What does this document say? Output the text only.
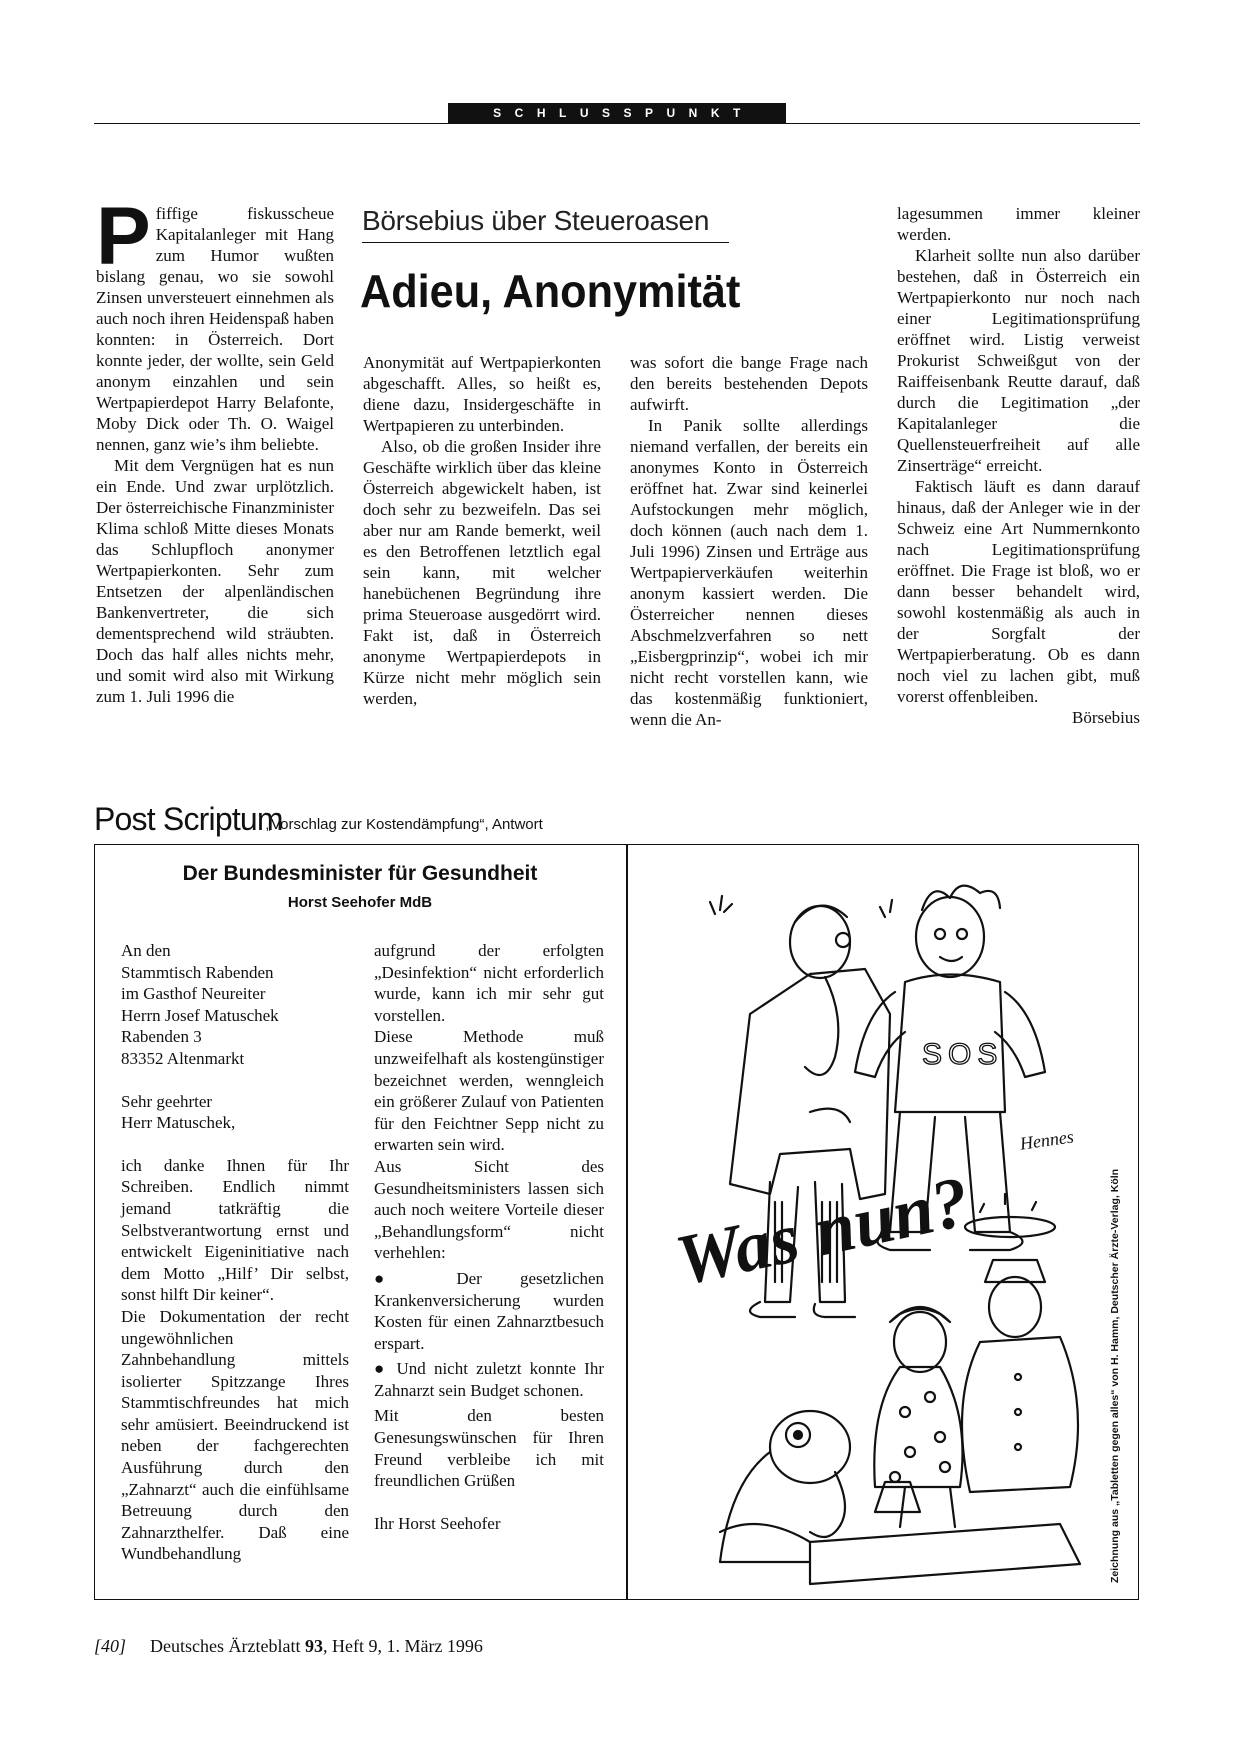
SCHLUSSPUNKT

Pfiffige fiskusscheue Kapitalanleger mit Hang zum Humor wußten bislang genau, wo sie sowohl Zinsen unversteuert einnehmen als auch noch ihren Heidenspaß haben konnten: in Österreich. Dort konnte jeder, der wollte, sein Geld anonym einzahlen und sein Wertpapierdepot Harry Belafonte, Moby Dick oder Th. O. Waigel nennen, ganz wie’s ihm beliebte.

Mit dem Vergnügen hat es nun ein Ende. Und zwar urplötzlich. Der österreichische Finanzminister Klima schloß Mitte dieses Monats das Schlupfloch anonymer Wertpapierkonten. Sehr zum Entsetzen der alpenländischen Bankenvertreter, die sich dementsprechend wild sträubten. Doch das half alles nichts mehr, und somit wird also mit Wirkung zum 1. Juli 1996 die

Börsebius über Steueroasen
Adieu, Anonymität

Anonymität auf Wertpapierkonten abgeschafft. Alles, so heißt es, diene dazu, Insidergeschäfte in Wertpapieren zu unterbinden.

Also, ob die großen Insider ihre Geschäfte wirklich über das kleine Österreich abgewickelt haben, ist doch sehr zu bezweifeln. Das sei aber nur am Rande bemerkt, weil es den Betroffenen letztlich egal sein kann, mit welcher hanebüchenen Begründung ihre prima Steueroase ausgedörrt wird. Fakt ist, daß in Österreich anonyme Wertpapierdepots in Kürze nicht mehr möglich sein werden,

was sofort die bange Frage nach den bereits bestehenden Depots aufwirft.

In Panik sollte allerdings niemand verfallen, der bereits ein anonymes Konto in Österreich eröffnet hat. Zwar sind keinerlei Aufstockungen mehr möglich, doch können (auch nach dem 1. Juli 1996) Zinsen und Erträge aus Wertpapierverkäufen weiterhin anonym kassiert werden. Die Österreicher nennen dieses Abschmelzverfahren so nett „Eisbergprinzip“, wobei ich mir nicht recht vorstellen kann, wie das kostenmäßig funktioniert, wenn die An-

lagesummen immer kleiner werden.

Klarheit sollte nun also darüber bestehen, daß in Österreich ein Wertpapierkonto nur noch nach einer Legitimationsprüfung eröffnet wird. Listig verweist Prokurist Schweißgut von der Raiffeisenbank Reutte darauf, daß durch die Legitimation „der Kapitalanleger die Quellensteuerfreiheit auf alle Zinserträge“ erreicht.

Faktisch läuft es dann darauf hinaus, daß der Anleger wie in der Schweiz eine Art Nummernkonto nach Legitimationsprüfung eröffnet. Die Frage ist bloß, wo er dann besser behandelt wird, sowohl kostenmäßig als auch in der Sorgfalt der Wertpapierberatung. Ob es dann noch viel zu lachen gibt, muß vorerst offenbleiben.
Börsebius

Post Scriptum
„Vorschlag zur Kostendämpfung“, Antwort
Der Bundesminister für Gesundheit
Horst Seehofer MdB

An den

Stammtisch Rabenden

im Gasthof Neureiter

Herrn Josef Matuschek

Rabenden 3

83352 Altenmarkt

Sehr geehrter

Herr Matuschek,

ich danke Ihnen für Ihr Schreiben. Endlich nimmt jemand tatkräftig die Selbstverantwortung ernst und entwickelt Eigeninitiative nach dem Motto „Hilf’ Dir selbst, sonst hilft Dir keiner“.

Die Dokumentation der recht ungewöhnlichen Zahnbehandlung mittels isolierter Spitzzange Ihres Stammtischfreundes hat mich sehr amüsiert. Beeindruckend ist neben der fachgerechten Ausführung durch den „Zahnarzt“ auch die einfühlsame Betreuung durch den Zahnarzthelfer. Daß eine Wundbehandlung

aufgrund der erfolgten „Desinfektion“ nicht erforderlich wurde, kann ich mir sehr gut vorstellen.

Diese Methode muß unzweifelhaft als kostengünstiger bezeichnet werden, wenngleich ein größerer Zulauf von Patienten für den Feichtner Sepp nicht zu erwarten sein wird.

Aus Sicht des Gesundheitsministers lassen sich auch noch weitere Vorteile dieser „Behandlungsform“ nicht verhehlen:

● Der gesetzlichen Krankenversicherung wurden Kosten für einen Zahnarztbesuch erspart.

● Und nicht zuletzt konnte Ihr Zahnarzt sein Budget schonen.

Mit den besten Genesungswünschen für Ihren Freund verbleibe ich mit freundlichen Grüßen

Ihr Horst Seehofer

SOS
Hennes
Was nun?	Zeichnung aus „Tabletten gegen alles“ von H. Hamm, Deutscher Ärzte-Verlag, Köln
[40] Deutsches Ärzteblatt 93, Heft 9, 1. März 1996
